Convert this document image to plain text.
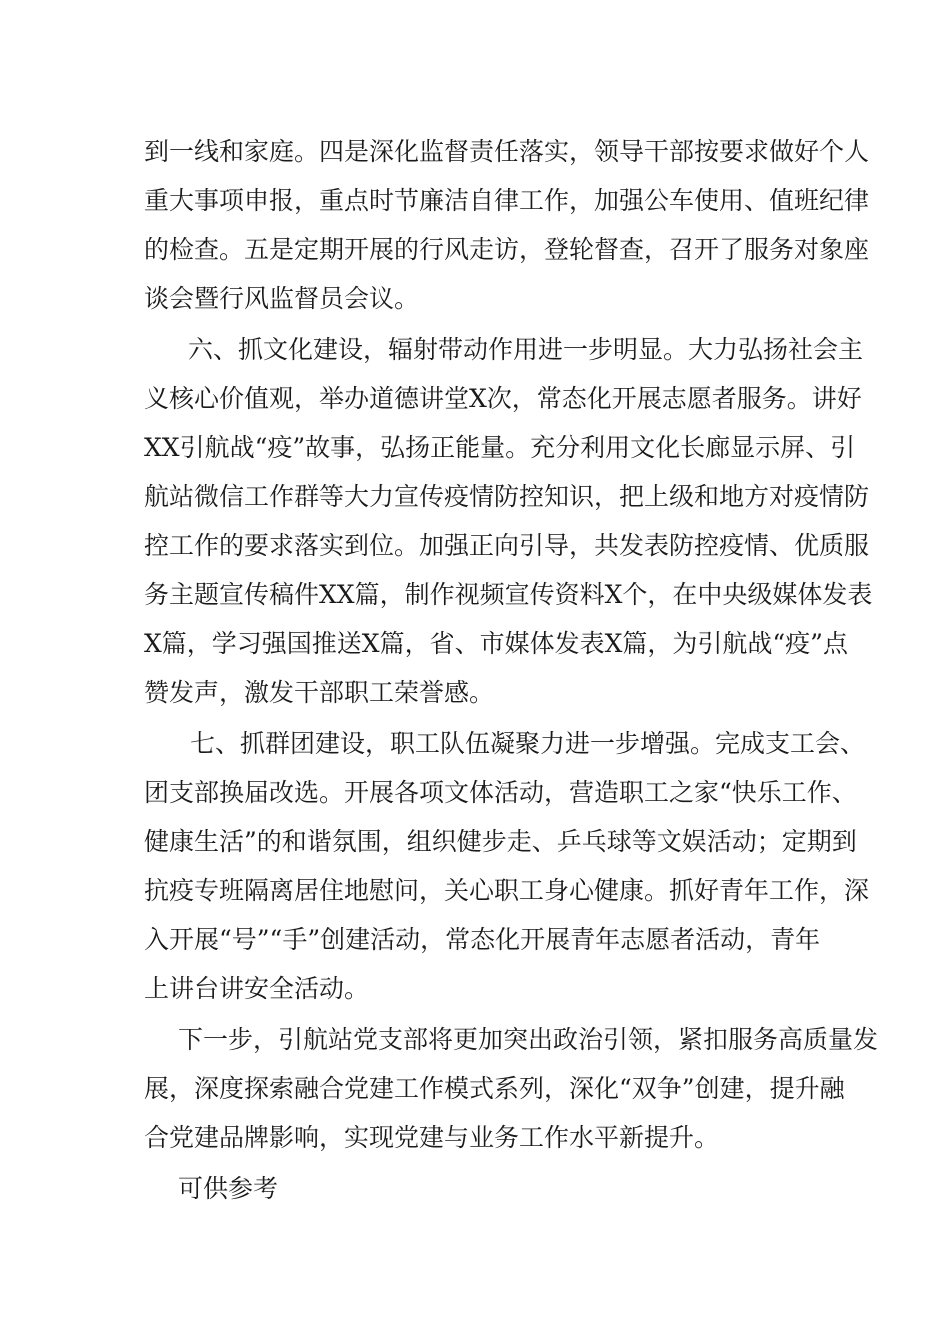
到一线和家庭。四是深化监督责任落实，领导干部按要求做好个人
重大事项申报，重点时节廉洁自律工作，加强公车使用、值班纪律
的检查。五是定期开展的行风走访，登轮督查，召开了服务对象座
谈会暨行风监督员会议。
六、抓文化建设，辐射带动作用进一步明显。大力弘扬社会主
义核心价值观，举办道德讲堂X次，常态化开展志愿者服务。讲好
XX引航战“疫”故事，弘扬正能量。充分利用文化长廊显示屏、引
航站微信工作群等大力宣传疫情防控知识，把上级和地方对疫情防
控工作的要求落实到位。加强正向引导，共发表防控疫情、优质服
务主题宣传稿件XX篇，制作视频宣传资料X个，在中央级媒体发表
X篇，学习强国推送X篇，省、市媒体发表X篇，为引航战“疫”点
赞发声，激发干部职工荣誉感。
七、抓群团建设，职工队伍凝聚力进一步增强。完成支工会、
团支部换届改选。开展各项文体活动，营造职工之家“快乐工作、
健康生活”的和谐氛围，组织健步走、乒乓球等文娱活动；定期到
抗疫专班隔离居住地慰问，关心职工身心健康。抓好青年工作，深
入开展“号”“手”创建活动，常态化开展青年志愿者活动，青年
上讲台讲安全活动。
下一步，引航站党支部将更加突出政治引领，紧扣服务高质量发
展，深度探索融合党建工作模式系列，深化“双争”创建，提升融
合党建品牌影响，实现党建与业务工作水平新提升。
可供参考
